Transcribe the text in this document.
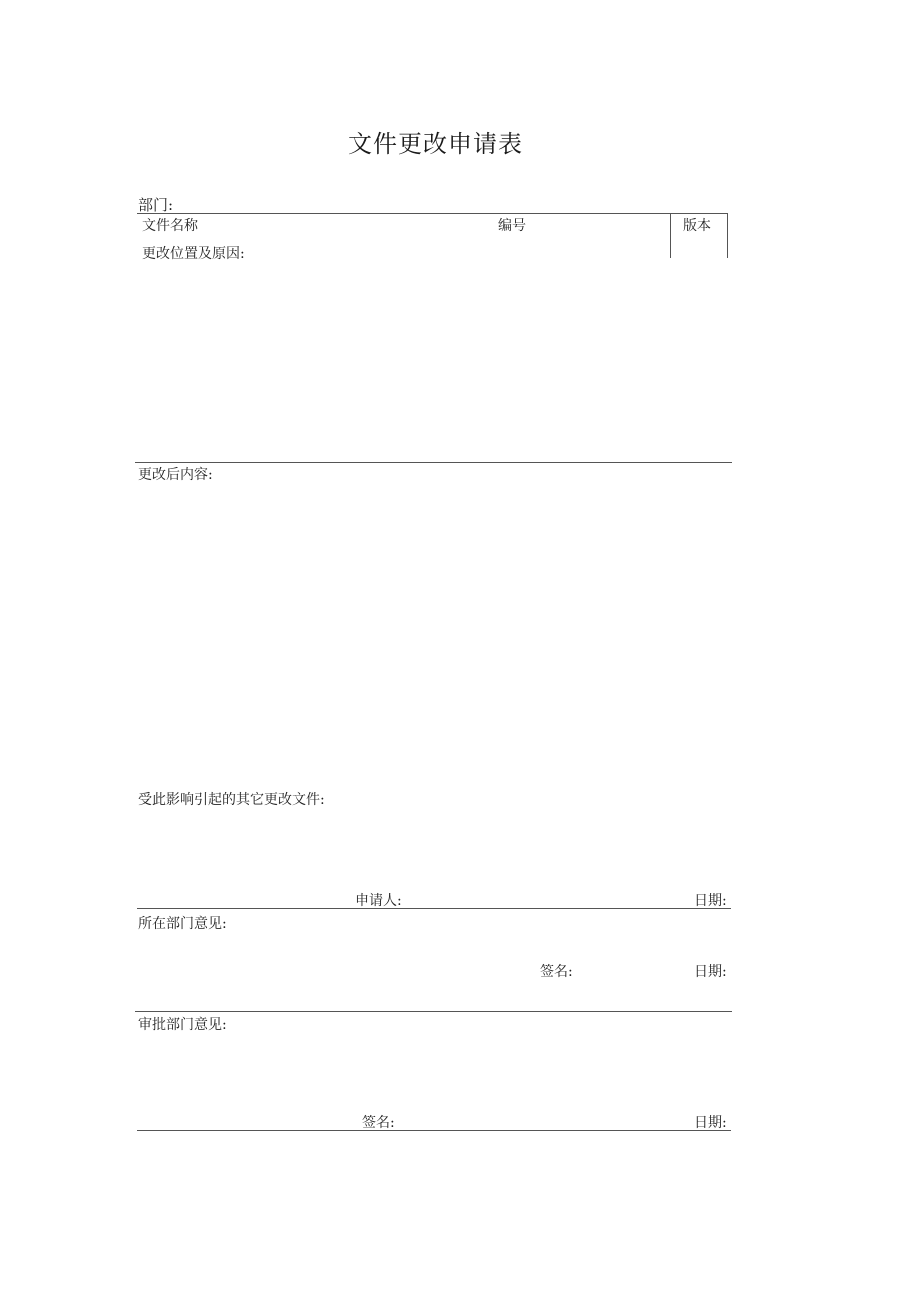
文件更改申请表
部门:
文件名称	编号	版本
更改位置及原因:
更改后内容:
受此影响引起的其它更改文件:
申请人:	日期:
所在部门意见:
签名:	日期:
审批部门意见:
签名:	日期:
